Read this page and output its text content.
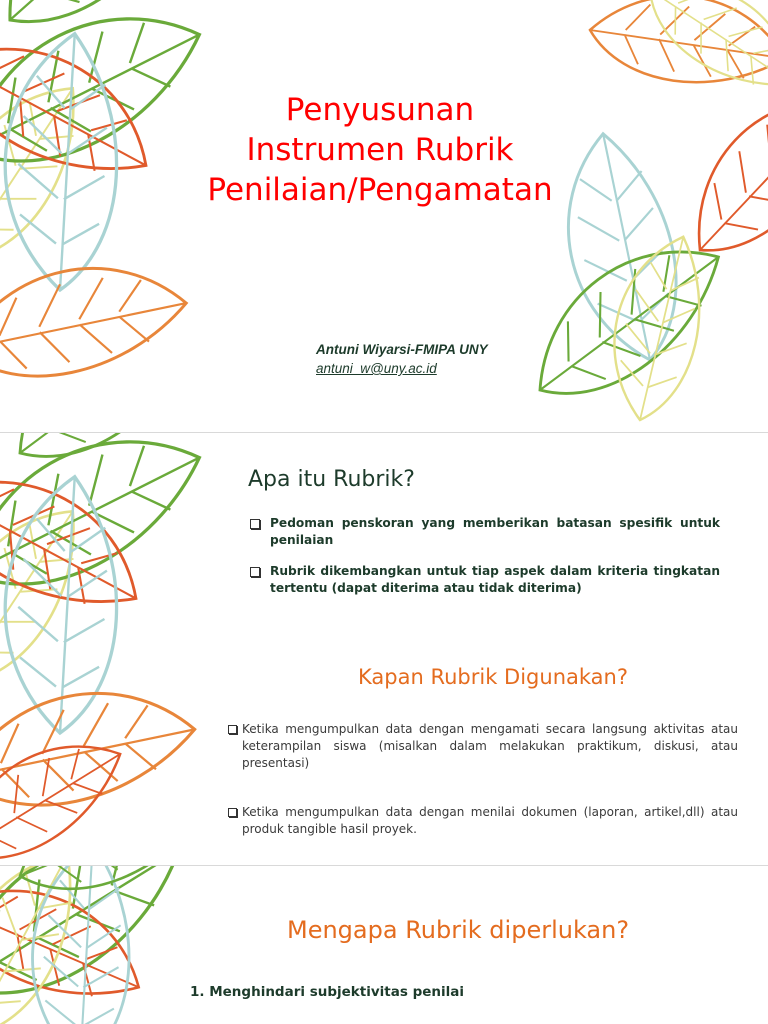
Penyusunan
Instrumen Rubrik
Penilaian/Pengamatan

Antuni Wiyarsi-FMIPA UNY

antuni_w@uny.ac.id

Apa itu Rubrik?
Pedoman penskoran yang memberikan batasan spesifik untuk penilaian
Rubrik dikembangkan untuk tiap aspek dalam kriteria tingkatan tertentu (dapat diterima atau tidak diterima)
Kapan Rubrik Digunakan?
Ketika mengumpulkan data dengan mengamati secara langsung aktivitas atau keterampilan siswa (misalkan dalam melakukan praktikum, diskusi, atau presentasi)
Ketika mengumpulkan data dengan menilai dokumen (laporan, artikel,dll) atau produk tangible hasil proyek.
Mengapa Rubrik diperlukan?

1. Menghindari subjektivitas penilai
